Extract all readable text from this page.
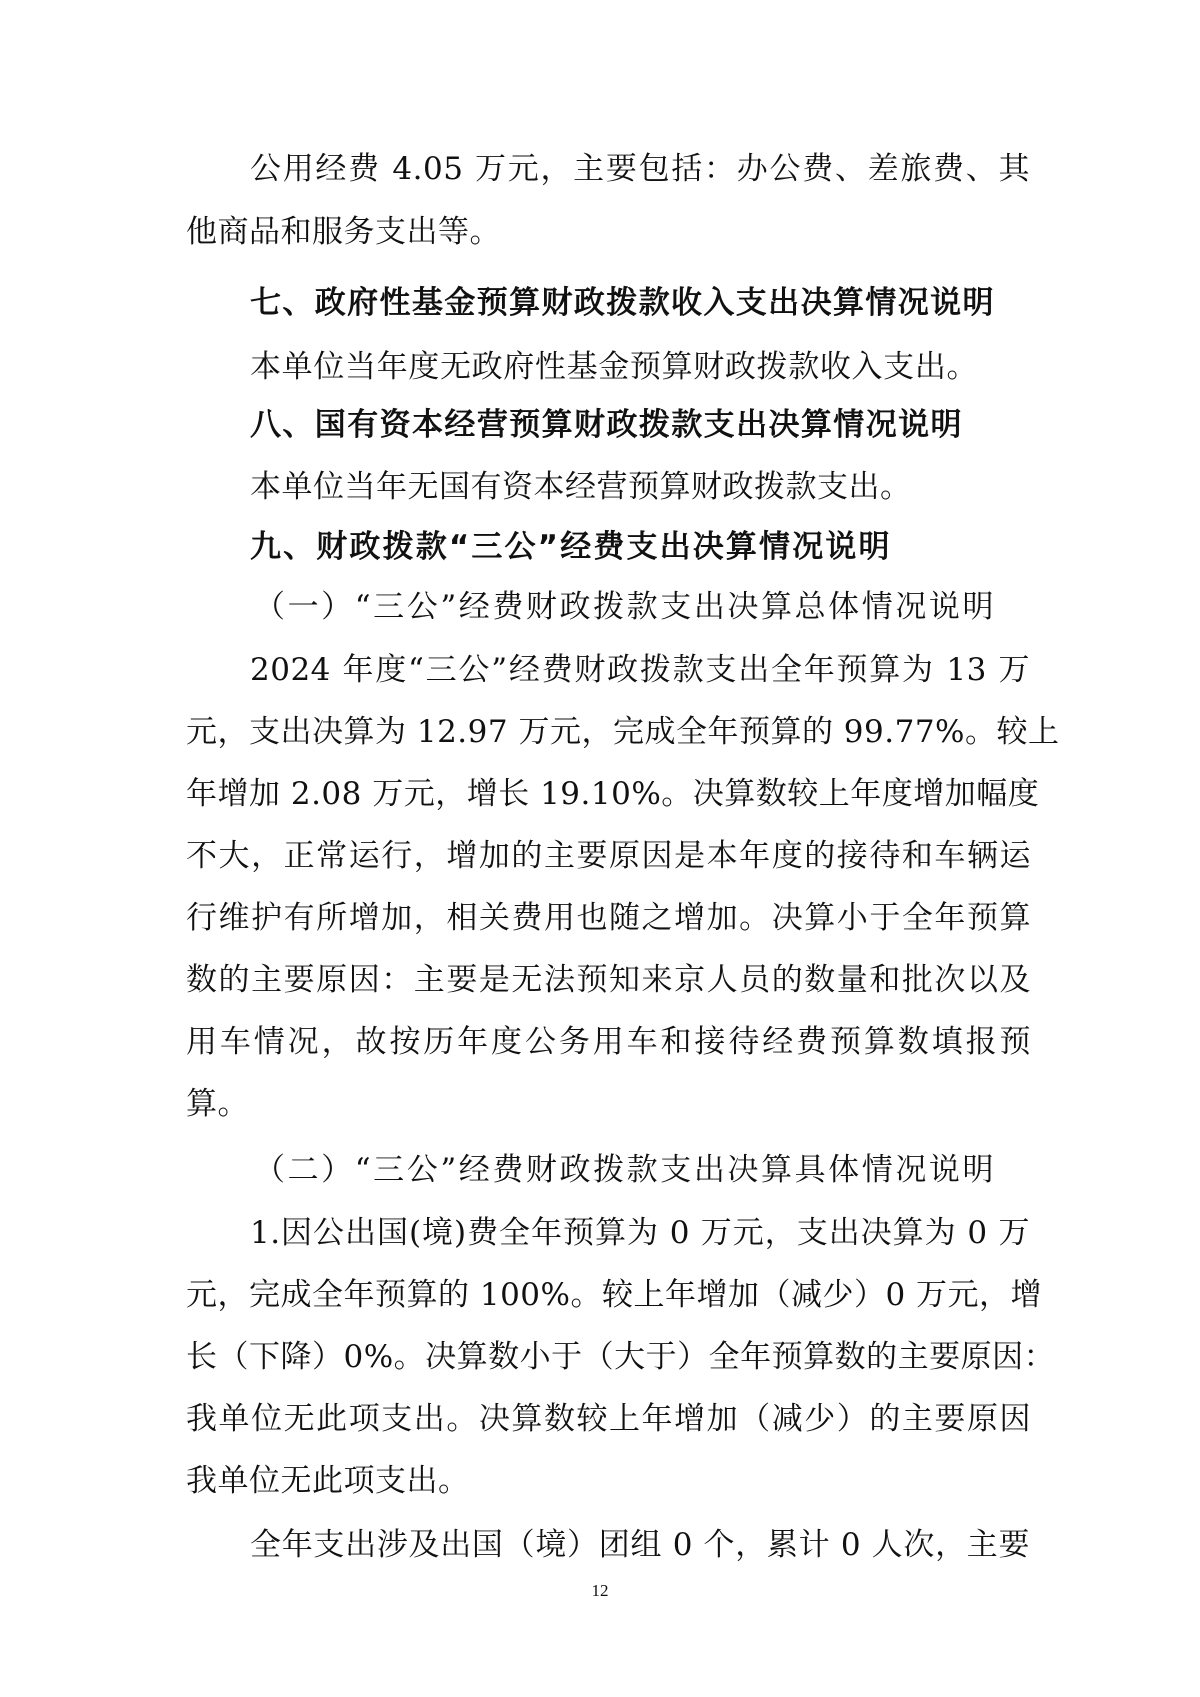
公用经费 4.05 万元，主要包括：办公费、差旅费、其
他商品和服务支出等。
七、政府性基金预算财政拨款收入支出决算情况说明
本单位当年度无政府性基金预算财政拨款收入支出。
八、国有资本经营预算财政拨款支出决算情况说明
本单位当年无国有资本经营预算财政拨款支出。
九、财政拨款“三公”经费支出决算情况说明
（一）“三公”经费财政拨款支出决算总体情况说明
2024 年度“三公”经费财政拨款支出全年预算为 13 万
元，支出决算为 12.97 万元，完成全年预算的 99.77%。较上
年增加 2.08 万元，增长 19.10%。决算数较上年度增加幅度
不大，正常运行，增加的主要原因是本年度的接待和车辆运
行维护有所增加，相关费用也随之增加。决算小于全年预算
数的主要原因：主要是无法预知来京人员的数量和批次以及
用车情况，故按历年度公务用车和接待经费预算数填报预
算。
（二）“三公”经费财政拨款支出决算具体情况说明
1.因公出国(境)费全年预算为 0 万元，支出决算为 0 万
元，完成全年预算的 100%。较上年增加（减少）0 万元，增
长（下降）0%。决算数小于（大于）全年预算数的主要原因：
我单位无此项支出。决算数较上年增加（减少）的主要原因
我单位无此项支出。
全年支出涉及出国（境）团组 0 个，累计 0 人次，主要
12
